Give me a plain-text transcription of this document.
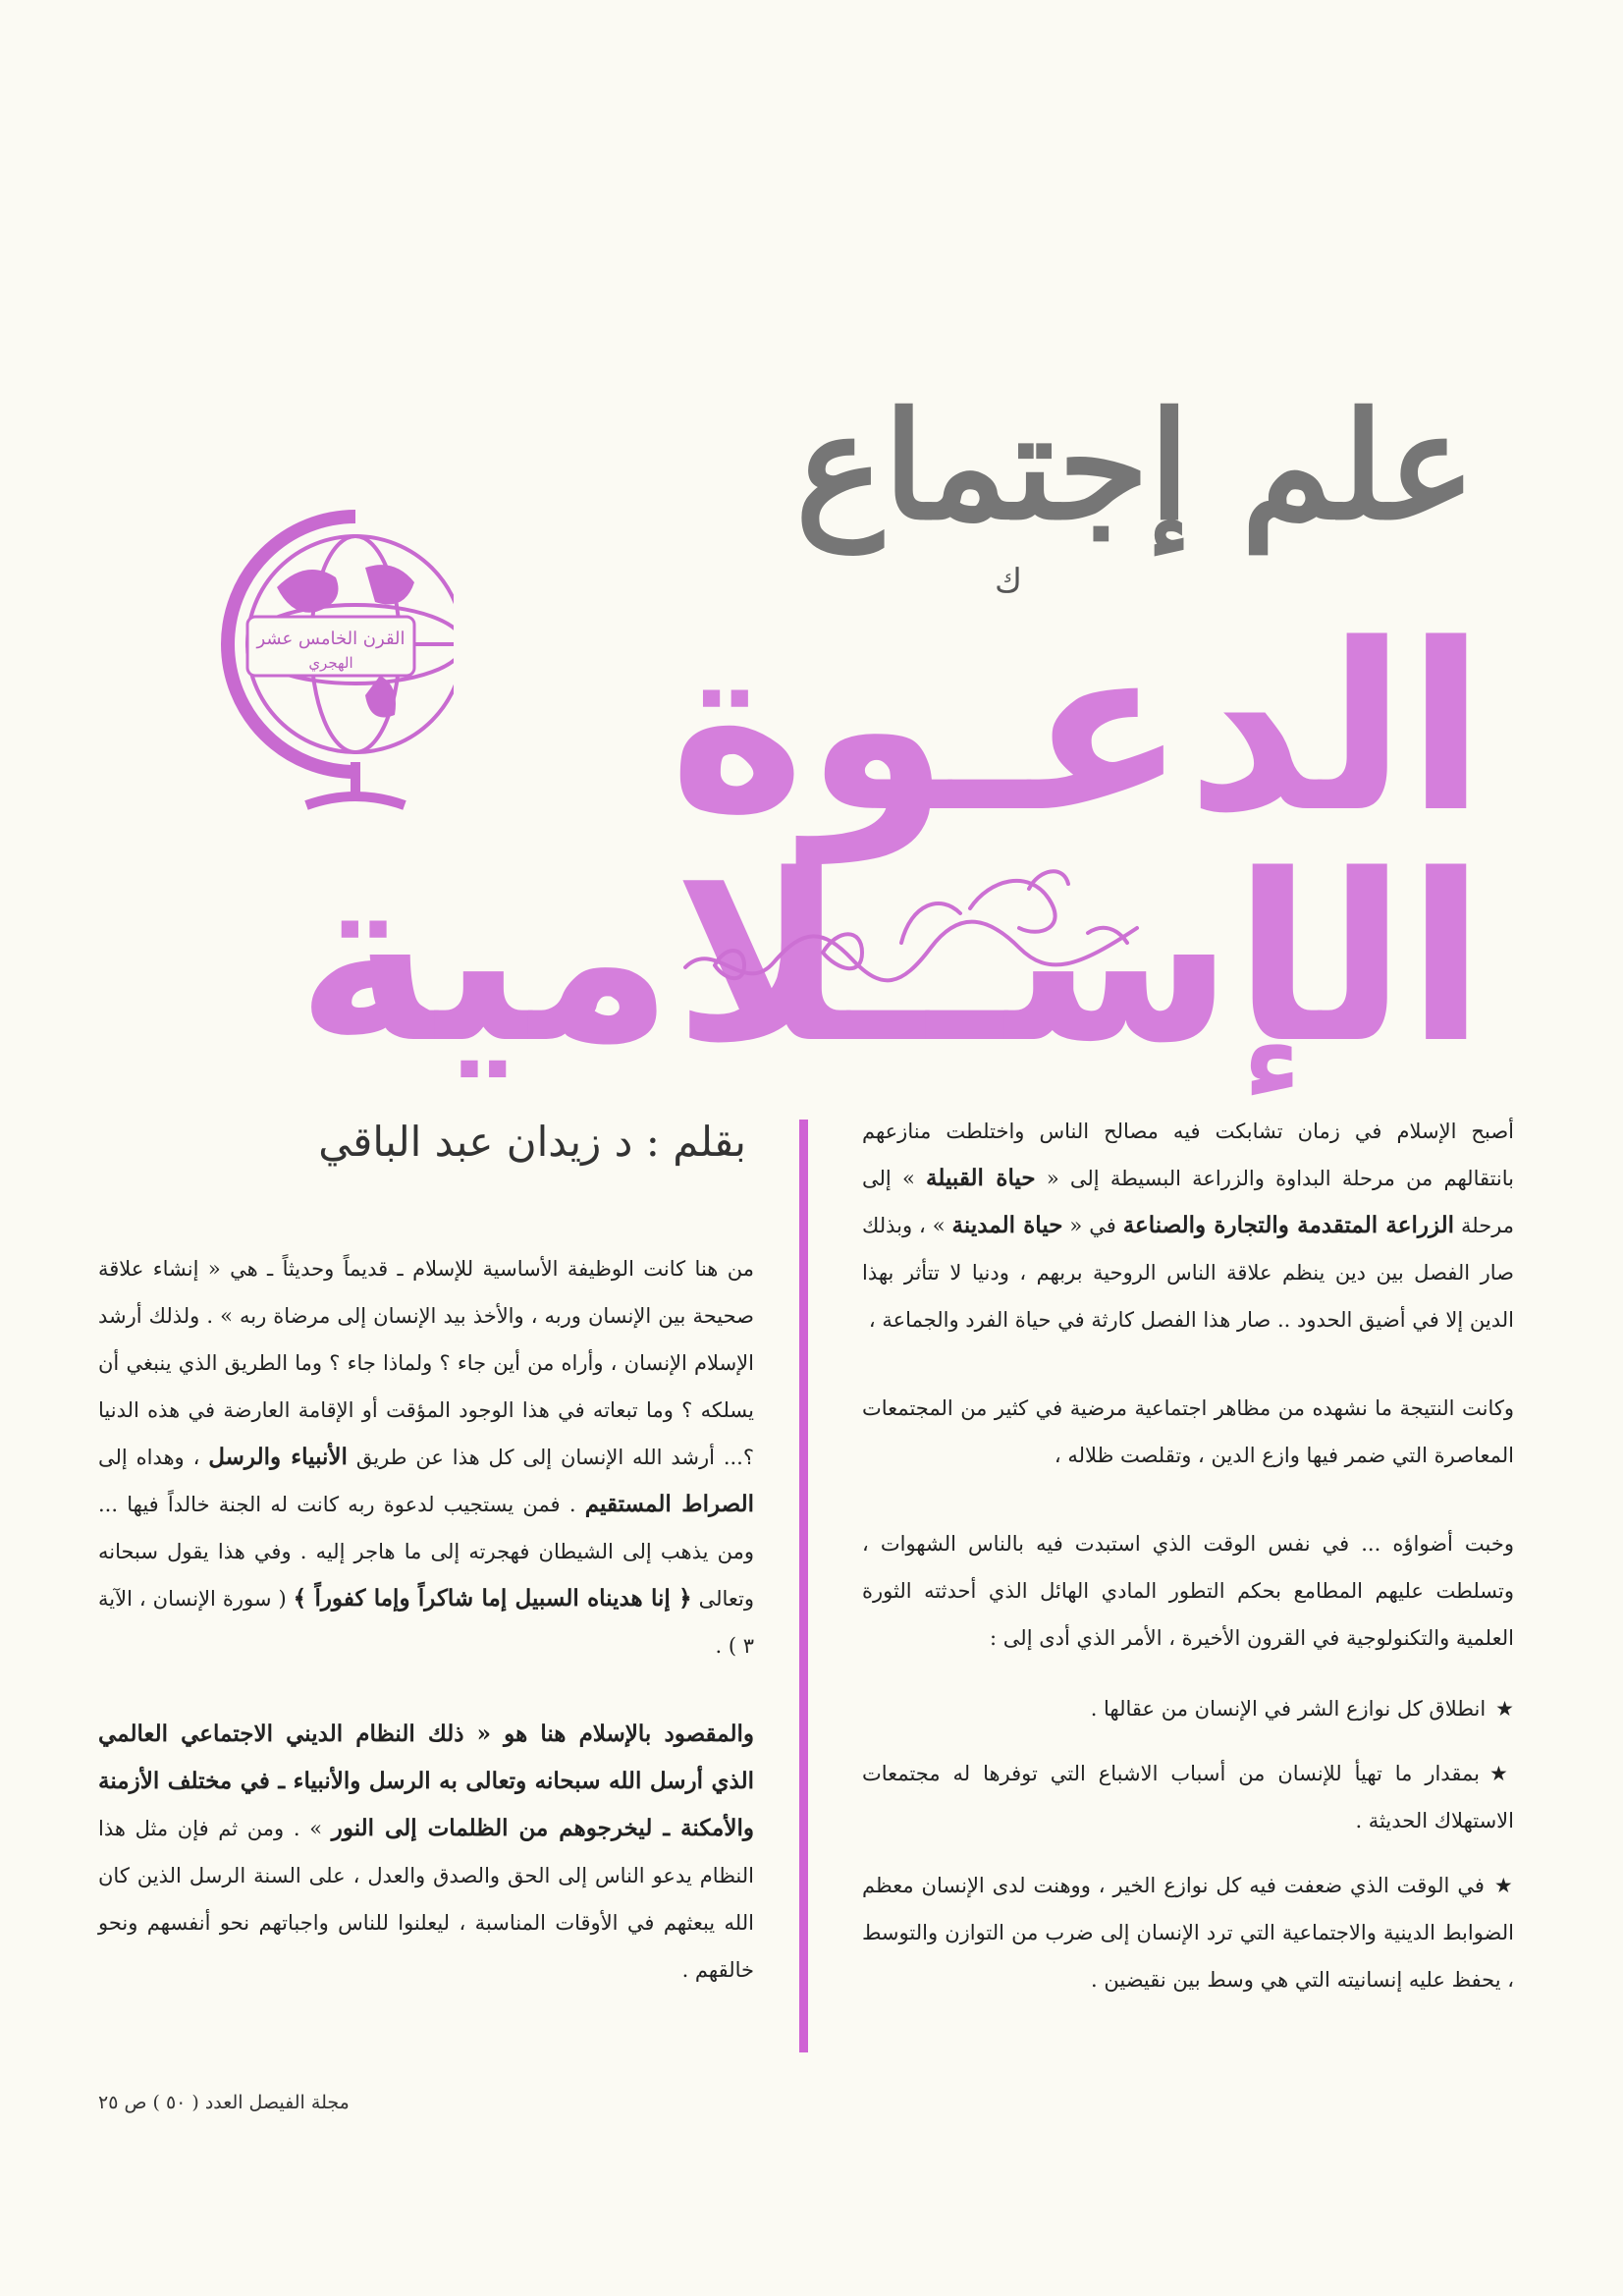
علم إجتماع
ﻙ
الدعـوة
الإســلامية
القرن الخامس عشر
الهجري
بقلم : د زيدان عبد الباقي	أصبح الإسلام في زمان تشابكت فيه مصالح الناس واختلطت منازعهم بانتقالهم من مرحلة البداوة والزراعة البسيطة إلى « حياة القبيلة » إلى مرحلة الزراعة المتقدمة والتجارة والصناعة في « حياة المدينة » ، وبذلك صار الفصل بين دين ينظم علاقة الناس الروحية بربهم ، ودنيا لا تتأثر بهذا الدين إلا في أضيق الحدود .. صار هذا الفصل كارثة في حياة الفرد والجماعة ،

وكانت النتيجة ما نشهده من مظاهر اجتماعية مرضية في كثير من المجتمعات المعاصرة التي ضمر فيها وازع الدين ، وتقلصت ظلاله ،

وخبت أضواؤه ... في نفس الوقت الذي استبدت فيه بالناس الشهوات ، وتسلطت عليهم المطامع بحكم التطور المادي الهائل الذي أحدثته الثورة العلمية والتكنولوجية في القرون الأخيرة ، الأمر الذي أدى إلى :

★انطلاق كل نوازع الشر في الإنسان من عقالها .
★بمقدار ما تهيأ للإنسان من أسباب الاشباع التي توفرها له مجتمعات الاستهلاك الحديثة .
★في الوقت الذي ضعفت فيه كل نوازع الخير ، ووهنت لدى الإنسان معظم الضوابط الدينية والاجتماعية التي ترد الإنسان إلى ضرب من التوازن والتوسط ، يحفظ عليه إنسانيته التي هي وسط بين نقيضين .

من هنا كانت الوظيفة الأساسية للإسلام ـ قديماً وحديثاً ـ هي « إنشاء علاقة صحيحة بين الإنسان وربه ، والأخذ بيد الإنسان إلى مرضاة ربه » . ولذلك أرشد الإسلام الإنسان ، وأراه من أين جاء ؟ ولماذا جاء ؟ وما الطريق الذي ينبغي أن يسلكه ؟ وما تبعاته في هذا الوجود المؤقت أو الإقامة العارضة في هذه الدنيا ؟... أرشد الله الإنسان إلى كل هذا عن طريق الأنبياء والرسل ، وهداه إلى الصراط المستقيم . فمن يستجيب لدعوة ربه كانت له الجنة خالداً فيها ... ومن يذهب إلى الشيطان فهجرته إلى ما هاجر إليه . وفي هذا يقول سبحانه وتعالى ﴿ إنا هديناه السبيل إما شاكراً وإما كفوراً ﴾ ( سورة الإنسان ، الآية ٣ ) .

والمقصود بالإسلام هنا هو « ذلك النظام الديني الاجتماعي العالمي الذي أرسل الله سبحانه وتعالى به الرسل والأنبياء ـ في مختلف الأزمنة والأمكنة ـ ليخرجوهم من الظلمات إلى النور » . ومن ثم فإن مثل هذا النظام يدعو الناس إلى الحق والصدق والعدل ، على السنة الرسل الذين كان الله يبعثهم في الأوقات المناسبة ، ليعلنوا للناس واجباتهم نحو أنفسهم ونحو خالقهم .

مجلة الفيصل العدد ( ٥٠ ) ص ٢٥
